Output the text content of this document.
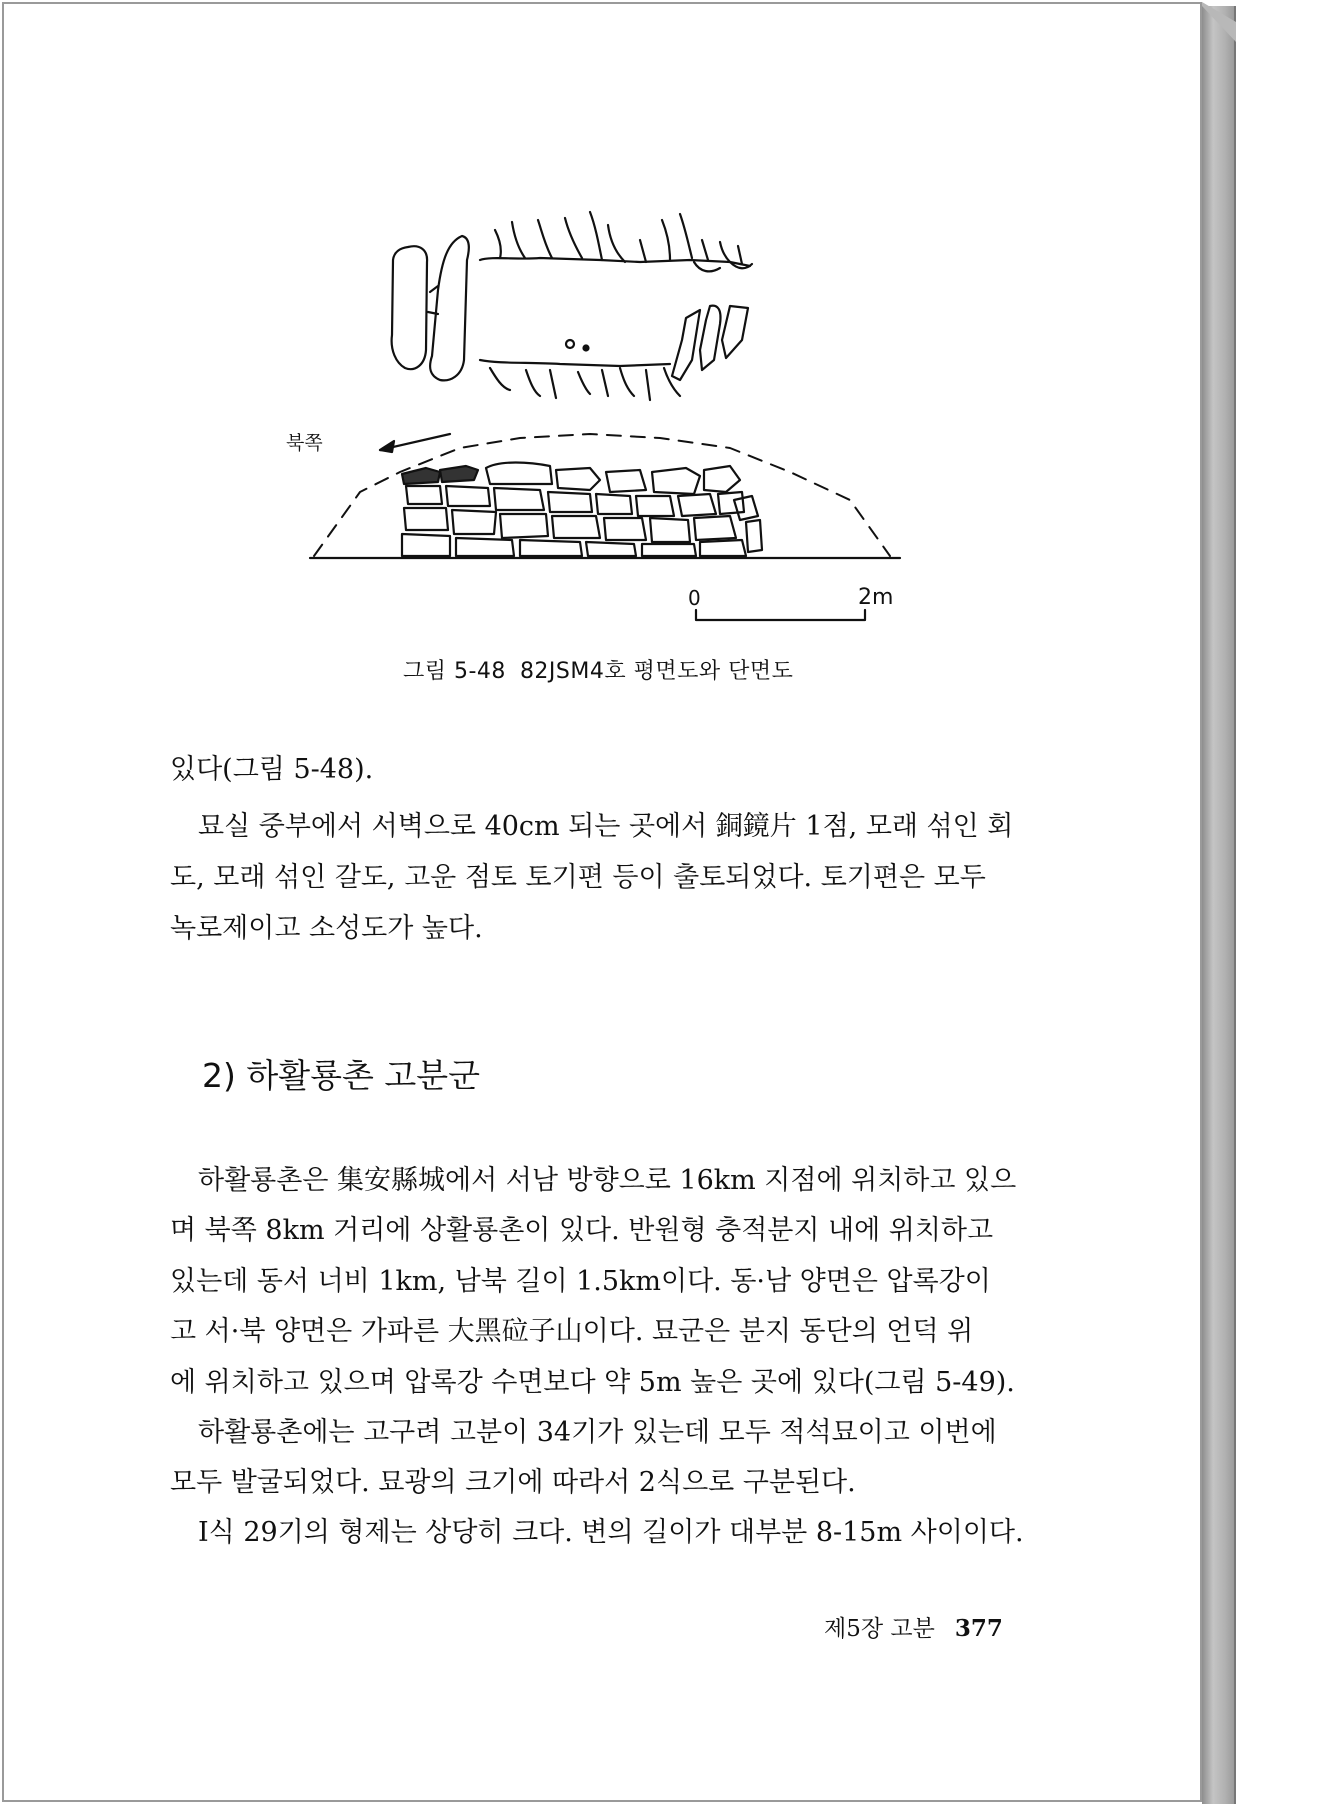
북쪽
0	2m
그림 5-48 82JSM4호 평면도와 단면도

있다(그림 5-48).

묘실 중부에서 서벽으로 40cm 되는 곳에서 銅鏡片 1점, 모래 섞인 회

도, 모래 섞인 갈도, 고운 점토 토기편 등이 출토되었다. 토기편은 모두

녹로제이고 소성도가 높다.

2) 하활룡촌 고분군

하활룡촌은 集安縣城에서 서남 방향으로 16km 지점에 위치하고 있으

며 북쪽 8km 거리에 상활룡촌이 있다. 반원형 충적분지 내에 위치하고

있는데 동서 너비 1km, 남북 길이 1.5km이다. 동·남 양면은 압록강이

고 서·북 양면은 가파른 大黑砬子山이다. 묘군은 분지 동단의 언덕 위

에 위치하고 있으며 압록강 수면보다 약 5m 높은 곳에 있다(그림 5-49).

하활룡촌에는 고구려 고분이 34기가 있는데 모두 적석묘이고 이번에

모두 발굴되었다. 묘광의 크기에 따라서 2식으로 구분된다.

I식 29기의 형제는 상당히 크다. 변의 길이가 대부분 8-15m 사이이다.

제5장 고분 377
